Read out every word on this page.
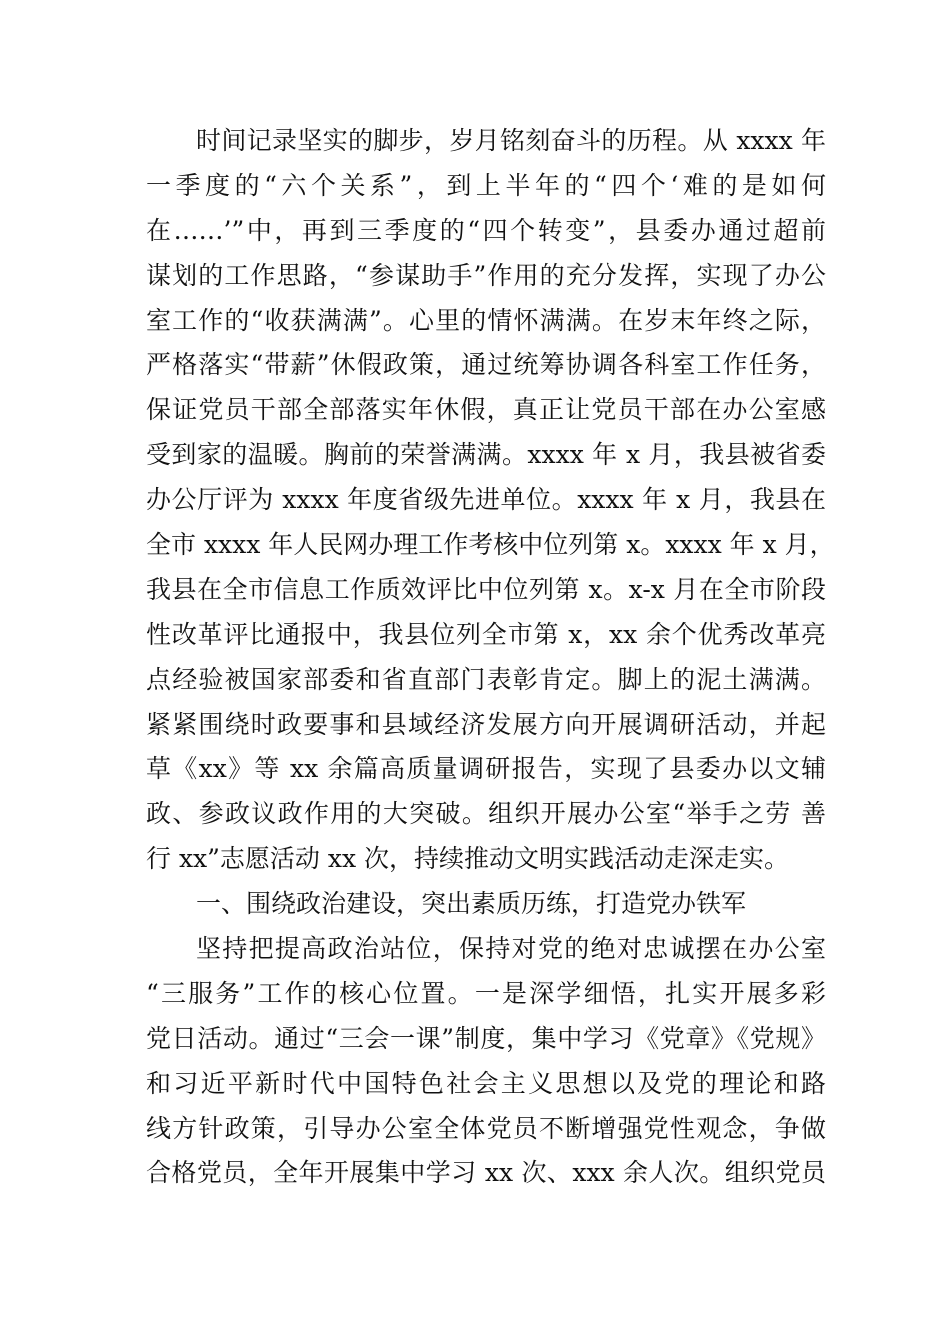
时间记录坚实的脚步，岁月铭刻奋斗的历程。从 xxxx 年
一季度的“六个关系”，到上半年的“四个‘难的是如何
在……’”中，再到三季度的“四个转变”，县委办通过超前
谋划的工作思路，“参谋助手”作用的充分发挥，实现了办公
室工作的“收获满满”。心里的情怀满满。在岁末年终之际，
严格落实“带薪”休假政策，通过统筹协调各科室工作任务，
保证党员干部全部落实年休假，真正让党员干部在办公室感
受到家的温暖。胸前的荣誉满满。xxxx 年 x 月，我县被省委
办公厅评为 xxxx 年度省级先进单位。xxxx 年 x 月，我县在
全市 xxxx 年人民网办理工作考核中位列第 x。xxxx 年 x 月，
我县在全市信息工作质效评比中位列第 x。x-x 月在全市阶段
性改革评比通报中，我县位列全市第 x，xx 余个优秀改革亮
点经验被国家部委和省直部门表彰肯定。脚上的泥土满满。
紧紧围绕时政要事和县域经济发展方向开展调研活动，并起
草《xx》等 xx 余篇高质量调研报告，实现了县委办以文辅
政、参政议政作用的大突破。组织开展办公室“举手之劳 善
行 xx”志愿活动 xx 次，持续推动文明实践活动走深走实。
一、围绕政治建设，突出素质历练，打造党办铁军
坚持把提高政治站位，保持对党的绝对忠诚摆在办公室
“三服务”工作的核心位置。一是深学细悟，扎实开展多彩
党日活动。通过“三会一课”制度，集中学习《党章》《党规》
和习近平新时代中国特色社会主义思想以及党的理论和路
线方针政策，引导办公室全体党员不断增强党性观念，争做
合格党员，全年开展集中学习 xx 次、xxx 余人次。组织党员
